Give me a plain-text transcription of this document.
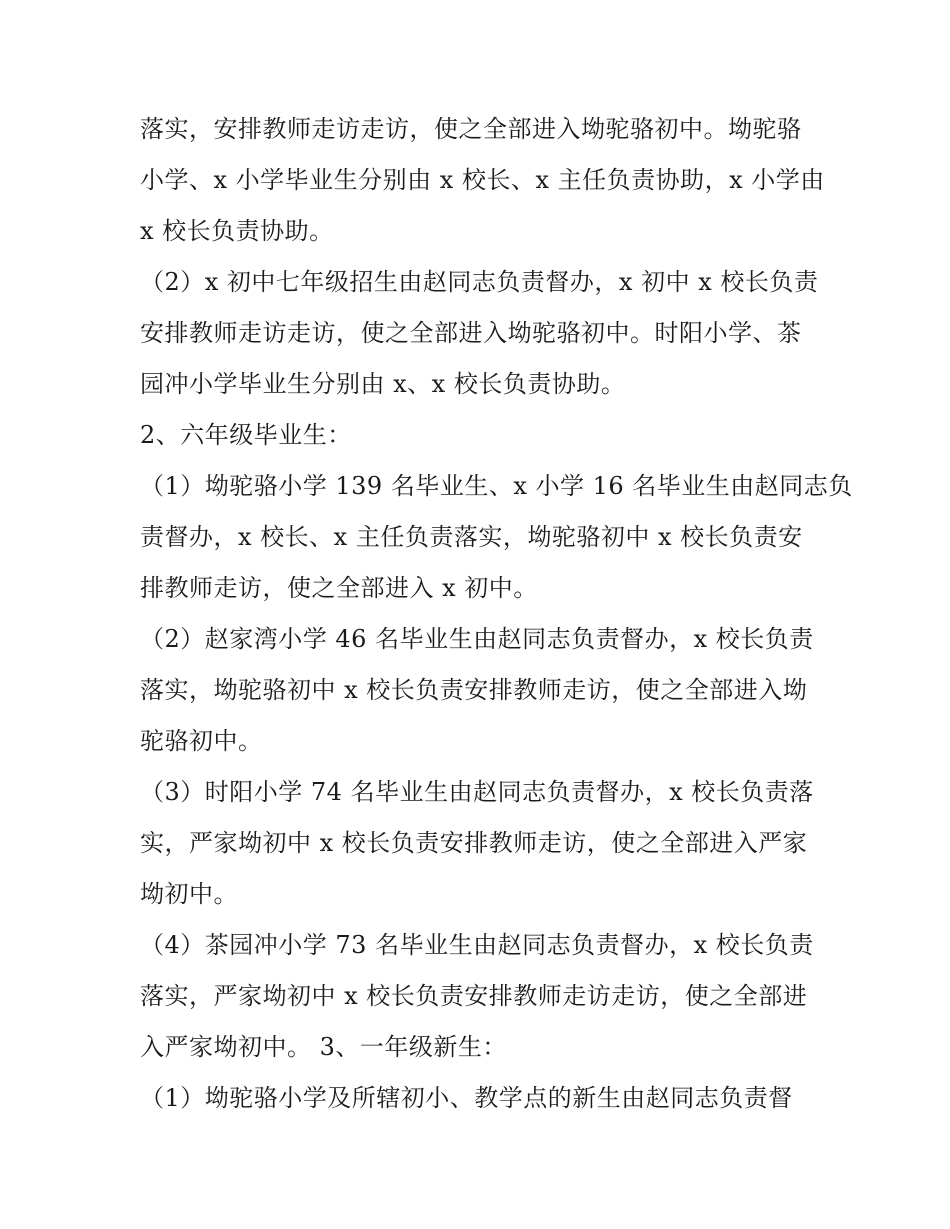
落实，安排教师走访走访，使之全部进入坳驼骆初中。坳驼骆
小学、x 小学毕业生分别由 x 校长、x 主任负责协助，x 小学由
x 校长负责协助。
（2）x 初中七年级招生由赵同志负责督办，x 初中 x 校长负责
安排教师走访走访，使之全部进入坳驼骆初中。时阳小学、茶
园冲小学毕业生分别由 x、x 校长负责协助。
2、六年级毕业生：
（1）坳驼骆小学 139 名毕业生、x 小学 16 名毕业生由赵同志负
责督办，x 校长、x 主任负责落实，坳驼骆初中 x 校长负责安
排教师走访，使之全部进入 x 初中。
（2）赵家湾小学 46 名毕业生由赵同志负责督办，x 校长负责
落实，坳驼骆初中 x 校长负责安排教师走访，使之全部进入坳
驼骆初中。
（3）时阳小学 74 名毕业生由赵同志负责督办，x 校长负责落
实，严家坳初中 x 校长负责安排教师走访，使之全部进入严家
坳初中。
（4）茶园冲小学 73 名毕业生由赵同志负责督办，x 校长负责
落实，严家坳初中 x 校长负责安排教师走访走访，使之全部进
入严家坳初中。 3、一年级新生：
（1）坳驼骆小学及所辖初小、教学点的新生由赵同志负责督
